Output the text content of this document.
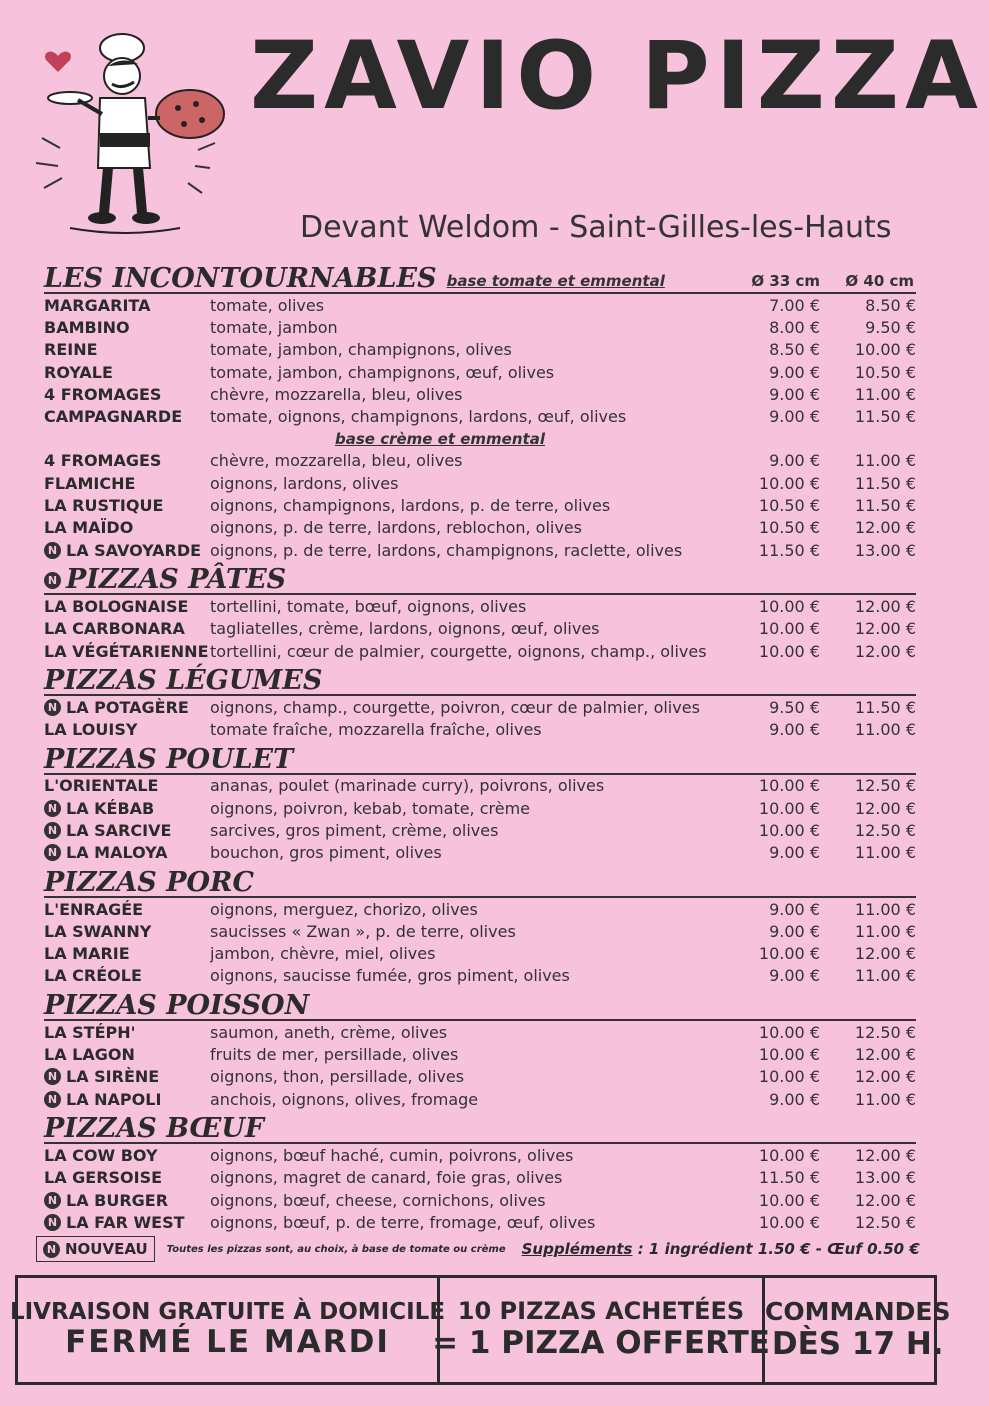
ZAVIO PIZZA
Devant Weldom - Saint-Gilles-les-Hauts
LES INCONTOURNABLES base tomate et emmental	Ø 33 cm Ø 40 cm
MARGARITA	tomate, olives	7.00 €	8.50 €
BAMBINO	tomate, jambon	8.00 €	9.50 €
REINE	tomate, jambon, champignons, olives	8.50 €	10.00 €
ROYALE	tomate, jambon, champignons, œuf, olives	9.00 €	10.50 €
4 FROMAGES	chèvre, mozzarella, bleu, olives	9.00 €	11.00 €
CAMPAGNARDE tomate, oignons, champignons, lardons, œuf, olives	9.00 €	11.50 €
base crème et emmental
4 FROMAGES	chèvre, mozzarella, bleu, olives	9.00 €	11.00 €
FLAMICHE	oignons, lardons, olives	10.00 €	11.50 €
LA RUSTIQUE	oignons, champignons, lardons, p. de terre, olives	10.50 €	11.50 €
LA MAÏDO	oignons, p. de terre, lardons, reblochon, olives	10.50 €	12.00 €
N LA SAVOYARDE oignons, p. de terre, lardons, champignons, raclette, olives	11.50 €	13.00 €
N PIZZAS PÂTES
LA BOLOGNAISE tortellini, tomate, bœuf, oignons, olives	10.00 €	12.00 €
LA CARBONARA tagliatelles, crème, lardons, oignons, œuf, olives	10.00 €	12.00 €
LA VÉGÉTARIENNE tortellini, cœur de palmier, courgette, oignons, champ., olives	10.00 €	12.00 €
PIZZAS LÉGUMES
N LA POTAGÈRE oignons, champ., courgette, poivron, cœur de palmier, olives	9.50 €	11.50 €
LA LOUISY	tomate fraîche, mozzarella fraîche, olives	9.00 €	11.00 €
PIZZAS POULET
L'ORIENTALE	ananas, poulet (marinade curry), poivrons, olives	10.00 €	12.50 €
N LA KÉBAB	oignons, poivron, kebab, tomate, crème	10.00 €	12.00 €
N LA SARCIVE sarcives, gros piment, crème, olives	10.00 €	12.50 €
N LA MALOYA	bouchon, gros piment, olives	9.00 €	11.00 €
PIZZAS PORC
L'ENRAGÉE	oignons, merguez, chorizo, olives	9.00 €	11.00 €
LA SWANNY	saucisses « Zwan », p. de terre, olives	9.00 €	11.00 €
LA MARIE	jambon, chèvre, miel, olives	10.00 €	12.00 €
LA CRÉOLE	oignons, saucisse fumée, gros piment, olives	9.00 €	11.00 €
PIZZAS POISSON
LA STÉPH'	saumon, aneth, crème, olives	10.00 €	12.50 €
LA LAGON	fruits de mer, persillade, olives	10.00 €	12.00 €
N LA SIRÈNE	oignons, thon, persillade, olives	10.00 €	12.00 €
N LA NAPOLI	anchois, oignons, olives, fromage	9.00 €	11.00 €
PIZZAS BŒUF
LA COW BOY	oignons, bœuf haché, cumin, poivrons, olives	10.00 €	12.00 €
LA GERSOISE	oignons, magret de canard, foie gras, olives	11.50 €	13.00 €
N LA BURGER	oignons, bœuf, cheese, cornichons, olives	10.00 €	12.00 €
N LA FAR WEST oignons, bœuf, p. de terre, fromage, œuf, olives	10.00 €	12.50 €
N NOUVEAU Toutes les pizzas sont, au choix, à base de tomate ou crème Suppléments : 1 ingrédient 1.50 € - Œuf 0.50 €
LIVRAISON GRATUITE À DOMICILE
FERMÉ LE MARDI
10 PIZZAS ACHETÉES
= 1 PIZZA OFFERTE
COMMANDES
DÈS 17 H.
